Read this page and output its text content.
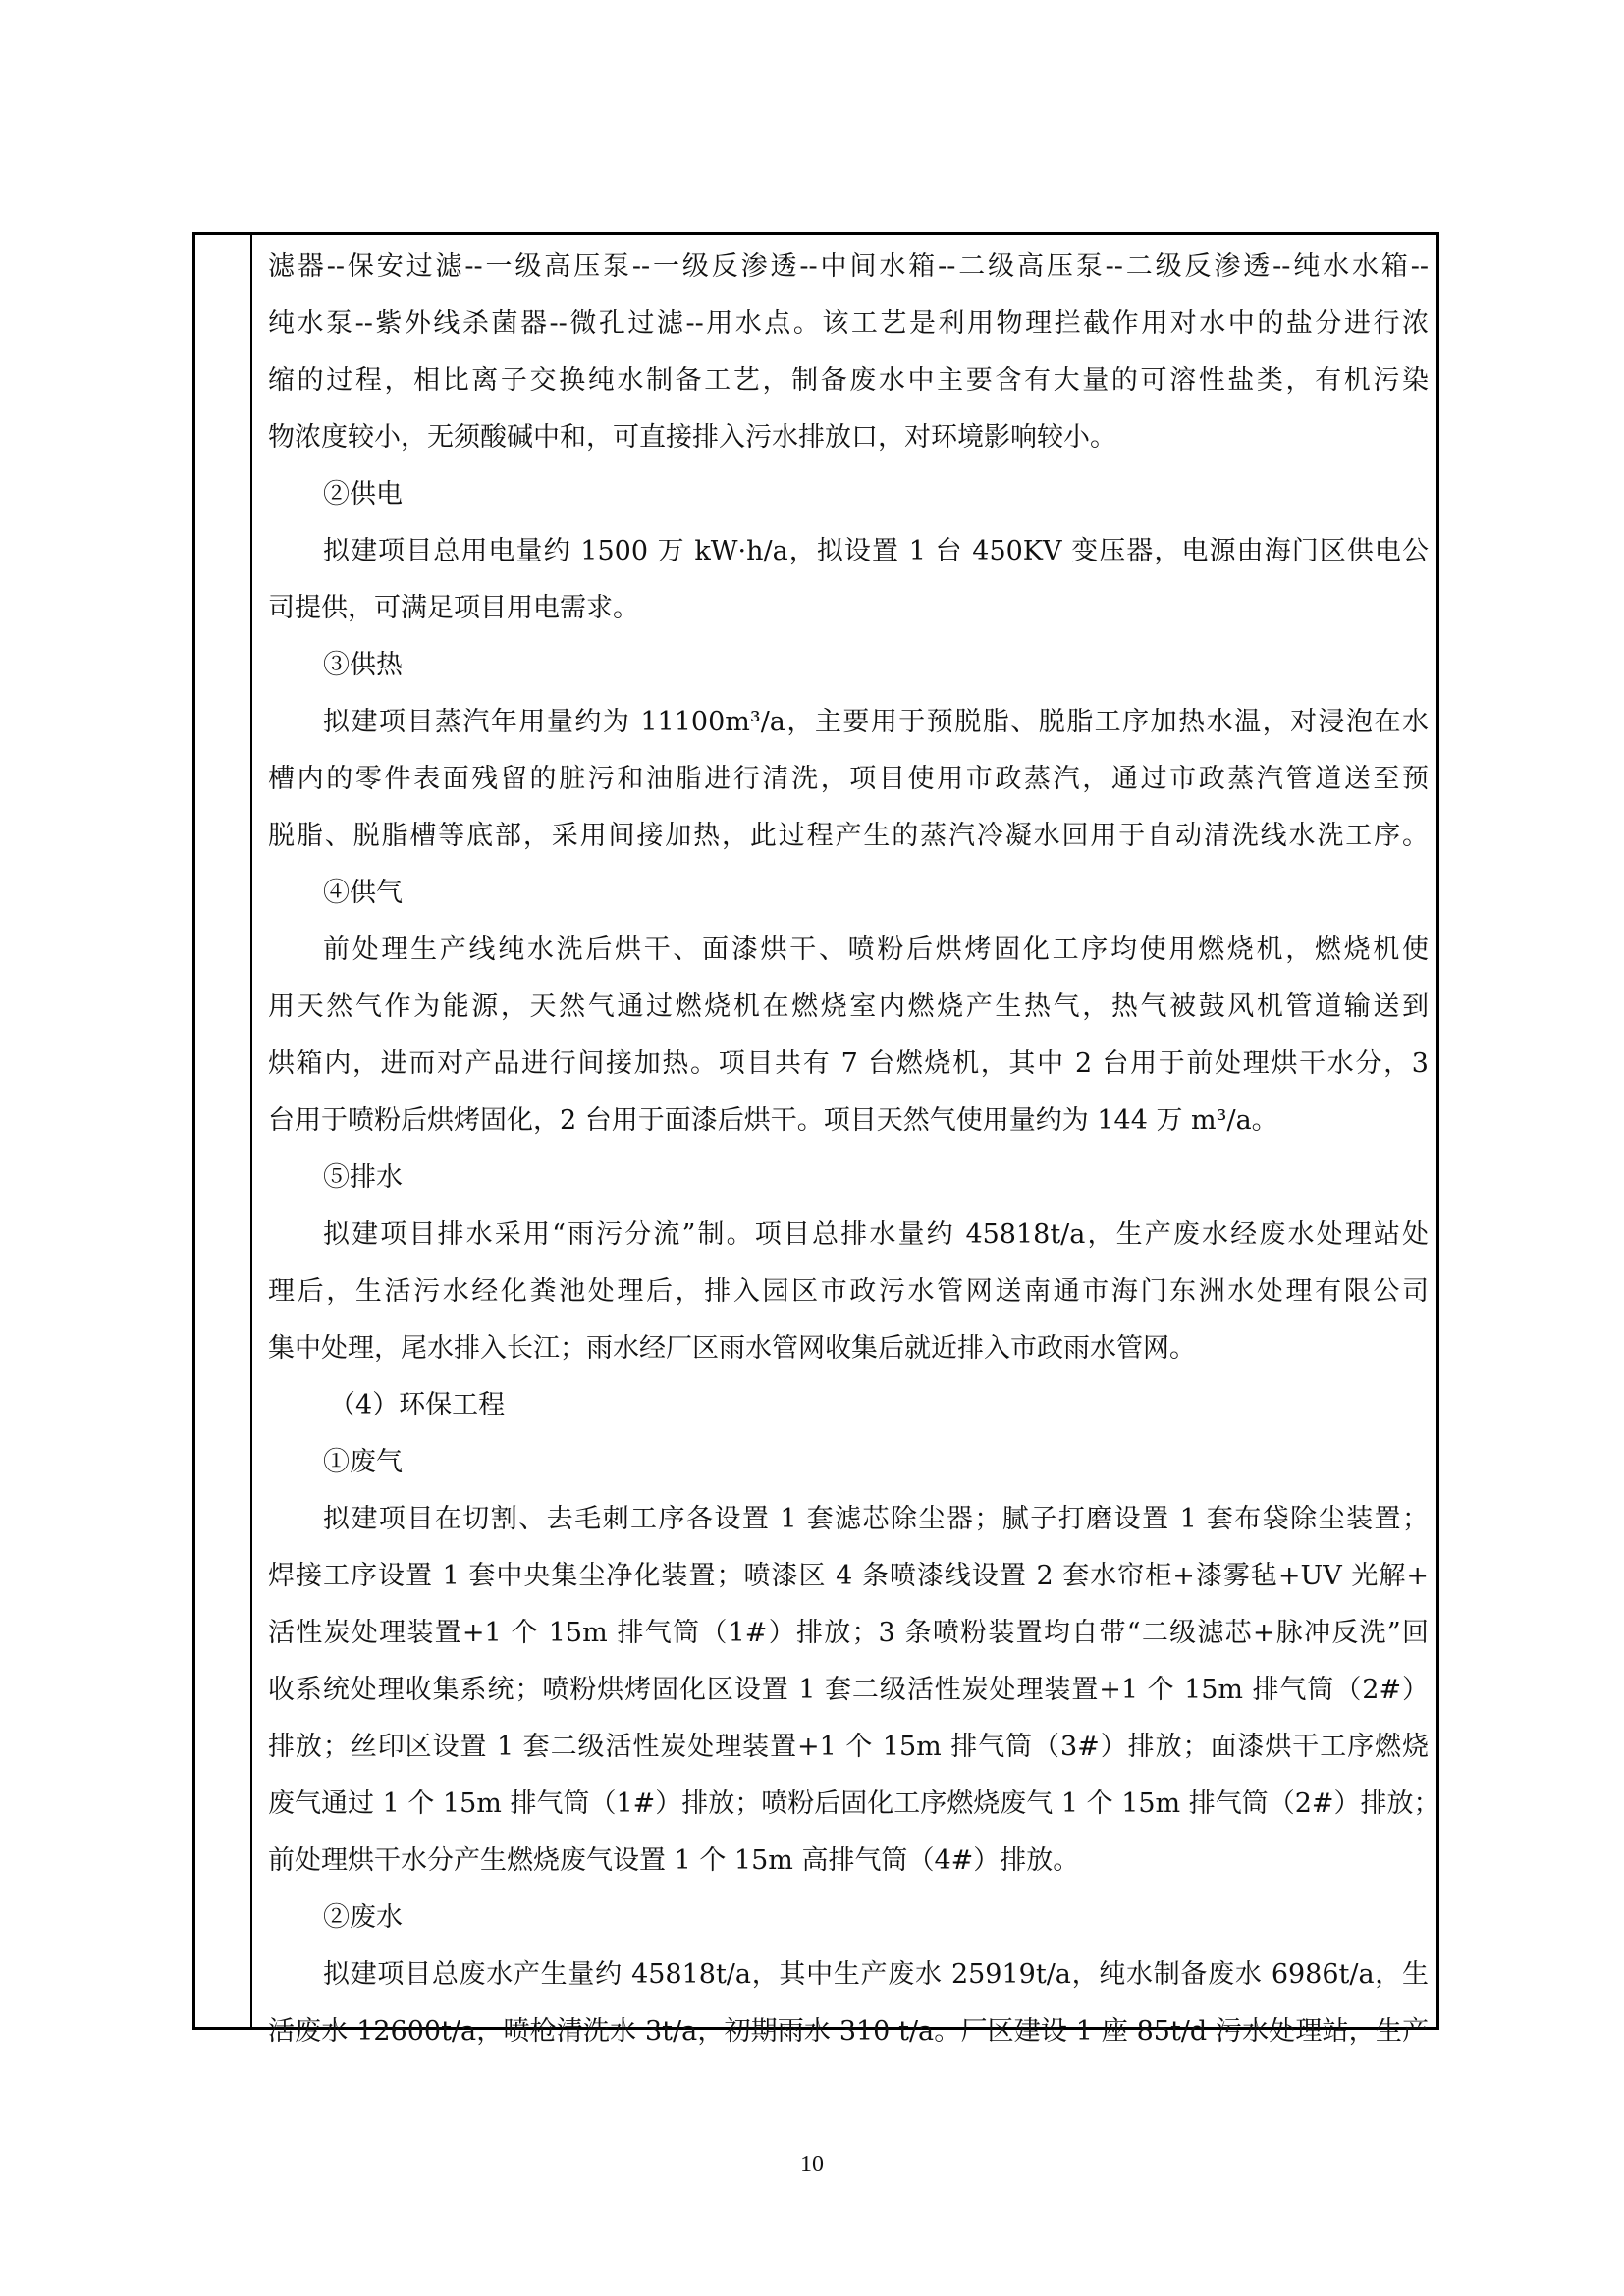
滤器--保安过滤--一级高压泵--一级反渗透--中间水箱--二级高压泵--二级反渗透--纯水水箱--
纯水泵--紫外线杀菌器--微孔过滤--用水点。该工艺是利用物理拦截作用对水中的盐分进行浓
缩的过程，相比离子交换纯水制备工艺，制备废水中主要含有大量的可溶性盐类，有机污染
物浓度较小，无须酸碱中和，可直接排入污水排放口，对环境影响较小。
②供电
拟建项目总用电量约 1500 万 kW·h/a，拟设置 1 台 450KV 变压器，电源由海门区供电公
司提供，可满足项目用电需求。
③供热
拟建项目蒸汽年用量约为 11100m³/a，主要用于预脱脂、脱脂工序加热水温，对浸泡在水
槽内的零件表面残留的脏污和油脂进行清洗，项目使用市政蒸汽，通过市政蒸汽管道送至预
脱脂、脱脂槽等底部，采用间接加热，此过程产生的蒸汽冷凝水回用于自动清洗线水洗工序。
④供气
前处理生产线纯水洗后烘干、面漆烘干、喷粉后烘烤固化工序均使用燃烧机，燃烧机使
用天然气作为能源，天然气通过燃烧机在燃烧室内燃烧产生热气，热气被鼓风机管道输送到
烘箱内，进而对产品进行间接加热。项目共有 7 台燃烧机，其中 2 台用于前处理烘干水分，3
台用于喷粉后烘烤固化，2 台用于面漆后烘干。项目天然气使用量约为 144 万 m³/a。
⑤排水
拟建项目排水采用“雨污分流”制。项目总排水量约 45818t/a，生产废水经废水处理站处
理后，生活污水经化粪池处理后，排入园区市政污水管网送南通市海门东洲水处理有限公司
集中处理，尾水排入长江；雨水经厂区雨水管网收集后就近排入市政雨水管网。
（4）环保工程
①废气
拟建项目在切割、去毛刺工序各设置 1 套滤芯除尘器；腻子打磨设置 1 套布袋除尘装置；
焊接工序设置 1 套中央集尘净化装置；喷漆区 4 条喷漆线设置 2 套水帘柜+漆雾毡+UV 光解+
活性炭处理装置+1 个 15m 排气筒（1#）排放；3 条喷粉装置均自带“二级滤芯+脉冲反洗”回
收系统处理收集系统；喷粉烘烤固化区设置 1 套二级活性炭处理装置+1 个 15m 排气筒（2#）
排放；丝印区设置 1 套二级活性炭处理装置+1 个 15m 排气筒（3#）排放；面漆烘干工序燃烧
废气通过 1 个 15m 排气筒（1#）排放；喷粉后固化工序燃烧废气 1 个 15m 排气筒（2#）排放；
前处理烘干水分产生燃烧废气设置 1 个 15m 高排气筒（4#）排放。
②废水
拟建项目总废水产生量约 45818t/a，其中生产废水 25919t/a，纯水制备废水 6986t/a，生
活废水 12600t/a，喷枪清洗水 3t/a，初期雨水 310 t/a。厂区建设 1 座 85t/d 污水处理站，生产
10
